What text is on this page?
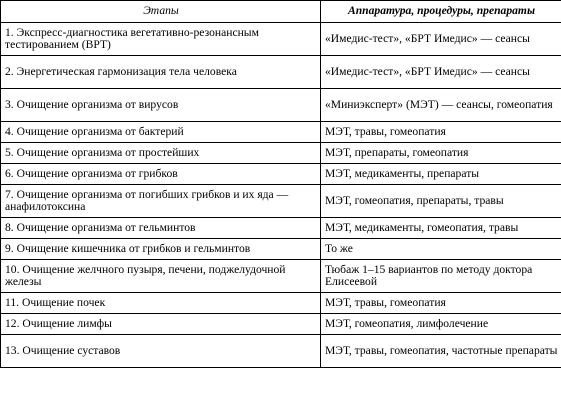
Этапы	Аппаратура, процедуры, препараты
1. Экспресс-диагностика вегетативно-резонансным тестированием (ВРТ)	«Имедис-тест», «БРТ Имедис» — сеансы
2. Энергетическая гармонизация тела человека	«Имедис-тест», «БРТ Имедис» — сеансы
3. Очищение организма от вирусов	«Миниэксперт» (МЭТ) — сеансы, гомеопатия
4. Очищение организма от бактерий	МЭТ, травы, гомеопатия
5. Очищение организма от простейших	МЭТ, препараты, гомеопатия
6. Очищение организма от грибков	МЭТ, медикаменты, препараты
7. Очищение организма от погибших грибков и их яда — анафилотоксина	МЭТ, гомеопатия, препараты, травы
8. Очищение организма от гельминтов	МЭТ, медикаменты, гомеопатия, травы
9. Очищение кишечника от грибков и гельминтов	То же
10. Очищение желчного пузыря, печени, поджелудочной железы	Тюбаж 1–15 вариантов по методу доктора Елисеевой
11. Очищение почек	МЭТ, травы, гомеопатия
12. Очищение лимфы	МЭТ, гомеопатия, лимфолечение
13. Очищение суставов	МЭТ, травы, гомеопатия, частотные препараты
